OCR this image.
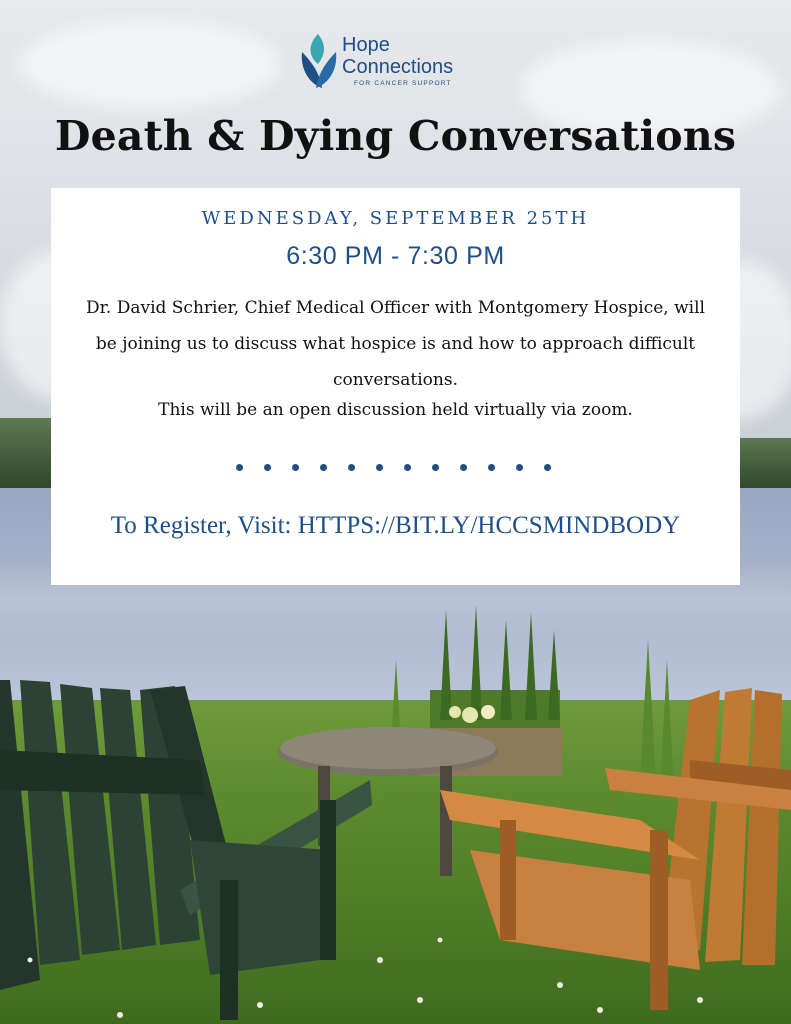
Hope
Connections
FOR CANCER SUPPORT
Death & Dying Conversations
WEDNESDAY, SEPTEMBER 25TH
6:30 PM - 7:30 PM
Dr. David Schrier, Chief Medical Officer with Montgomery Hospice, will be joining us to discuss what hospice is and how to approach difficult conversations.
This will be an open discussion held virtually via zoom.
To Register, Visit: HTTPS://BIT.LY/HCCSMINDBODY
